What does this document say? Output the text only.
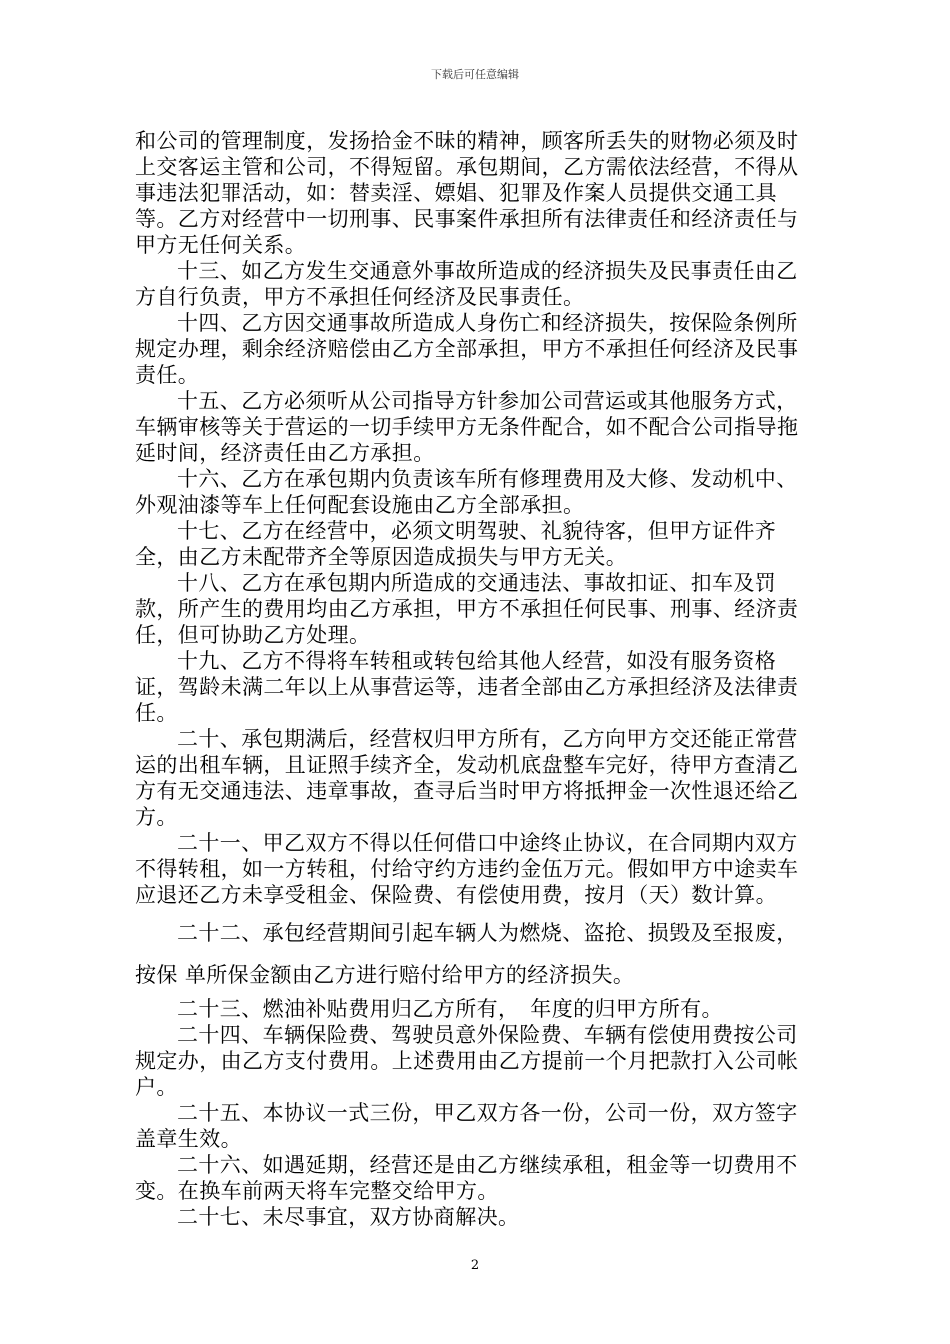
下载后可任意编辑

和公司的管理制度，发扬拾金不昧的精神，顾客所丢失的财物必须及时上交客运主管和公司，不得短留。承包期间，乙方需依法经营，不得从事违法犯罪活动，如：替卖淫、嫖娼、犯罪及作案人员提供交通工具等。乙方对经营中一切刑事、民事案件承担所有法律责任和经济责任与甲方无任何关系。

十三、如乙方发生交通意外事故所造成的经济损失及民事责任由乙方自行负责，甲方不承担任何经济及民事责任。

十四、乙方因交通事故所造成人身伤亡和经济损失，按保险条例所规定办理，剩余经济赔偿由乙方全部承担，甲方不承担任何经济及民事责任。

十五、乙方必须听从公司指导方针参加公司营运或其他服务方式，车辆审核等关于营运的一切手续甲方无条件配合，如不配合公司指导拖延时间，经济责任由乙方承担。

十六、乙方在承包期内负责该车所有修理费用及大修、发动机中、外观油漆等车上任何配套设施由乙方全部承担。

十七、乙方在经营中，必须文明驾驶、礼貌待客，但甲方证件齐全，由乙方未配带齐全等原因造成损失与甲方无关。

十八、乙方在承包期内所造成的交通违法、事故扣证、扣车及罚款，所产生的费用均由乙方承担，甲方不承担任何民事、刑事、经济责任，但可协助乙方处理。

十九、乙方不得将车转租或转包给其他人经营，如没有服务资格证，驾龄未满二年以上从事营运等，违者全部由乙方承担经济及法律责任。

二十、承包期满后，经营权归甲方所有，乙方向甲方交还能正常营运的出租车辆，且证照手续齐全，发动机底盘整车完好，待甲方查清乙方有无交通违法、违章事故，查寻后当时甲方将抵押金一次性退还给乙方。

二十一、甲乙双方不得以任何借口中途终止协议，在合同期内双方不得转租，如一方转租，付给守约方违约金伍万元。假如甲方中途卖车应退还乙方未享受租金、保险费、有偿使用费，按月（天）数计算。

二十二、承包经营期间引起车辆人为燃烧、盗抢、损毁及至报废，按保 单所保金额由乙方进行赔付给甲方的经济损失。

二十三、燃油补贴费用归乙方所有，　年度的归甲方所有。

二十四、车辆保险费、驾驶员意外保险费、车辆有偿使用费按公司规定办，由乙方支付费用。上述费用由乙方提前一个月把款打入公司帐户。

二十五、本协议一式三份，甲乙双方各一份，公司一份，双方签字盖章生效。

二十六、如遇延期，经营还是由乙方继续承租，租金等一切费用不变。在换车前两天将车完整交给甲方。

二十七、未尽事宜，双方协商解决。

2
